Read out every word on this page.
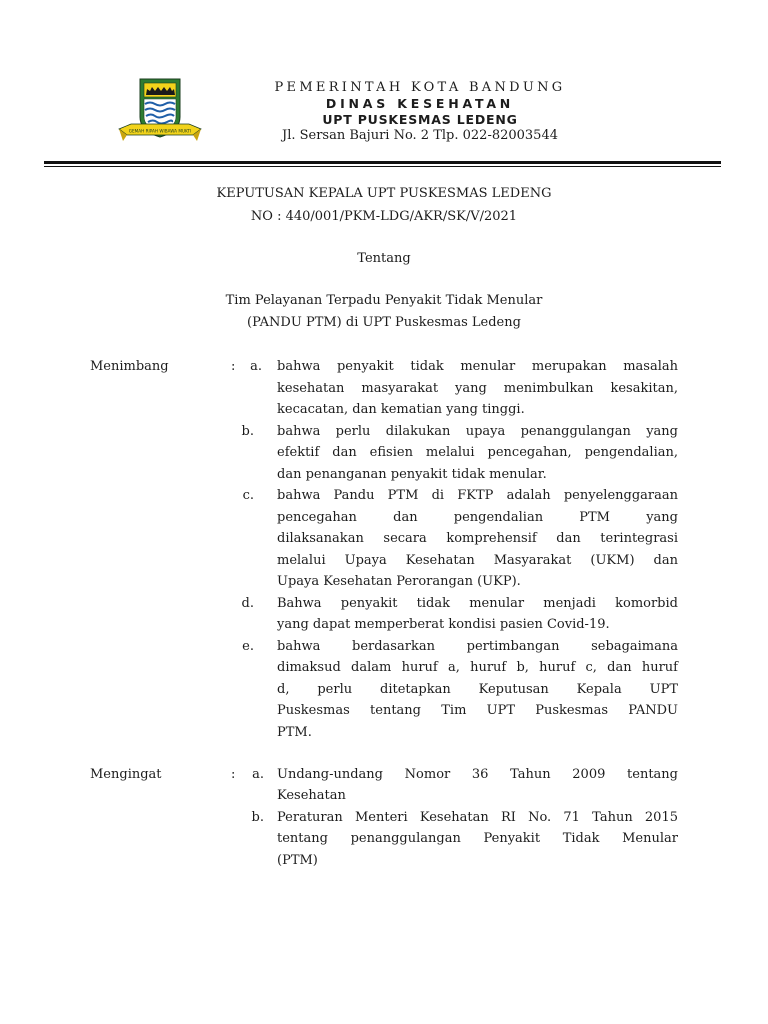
GEMAH RIPAH WIBAWA MUKTI
PEMERINTAH KOTA BANDUNG
DINAS KESEHATAN
UPT PUSKESMAS LEDENG
Jl. Sersan Bajuri No. 2 Tlp. 022-82003544
KEPUTUSAN KEPALA UPT PUSKESMAS LEDENG
NO : 440/001/PKM-LDG/AKR/SK/V/2021
Tentang
Tim Pelayanan Terpadu Penyakit Tidak Menular
(PANDU PTM) di UPT Puskesmas Ledeng
Menimbang	:	a. bahwa penyakit tidak menular merupakan masalah
kesehatan masyarakat yang menimbulkan kesakitan,
kecacatan, dan kematian yang tinggi.
b. bahwa perlu dilakukan upaya penanggulangan yang
efektif dan efisien melalui pencegahan, pengendalian,
dan penanganan penyakit tidak menular.
c. bahwa Pandu PTM di FKTP adalah penyelenggaraan
pencegahan dan pengendalian PTM yang
dilaksanakan secara komprehensif dan terintegrasi
melalui Upaya Kesehatan Masyarakat (UKM) dan
Upaya Kesehatan Perorangan (UKP).
d. Bahwa penyakit tidak menular menjadi komorbid
yang dapat memperberat kondisi pasien Covid-19.
e. bahwa berdasarkan pertimbangan sebagaimana
dimaksud dalam huruf a, huruf b, huruf c, dan huruf
d, perlu ditetapkan Keputusan Kepala UPT
Puskesmas tentang Tim UPT Puskesmas PANDU
PTM.
Mengingat	:	a. Undang-undang Nomor 36 Tahun 2009 tentang
Kesehatan
b. Peraturan Menteri Kesehatan RI No. 71 Tahun 2015
tentang penanggulangan Penyakit Tidak Menular
(PTM)
